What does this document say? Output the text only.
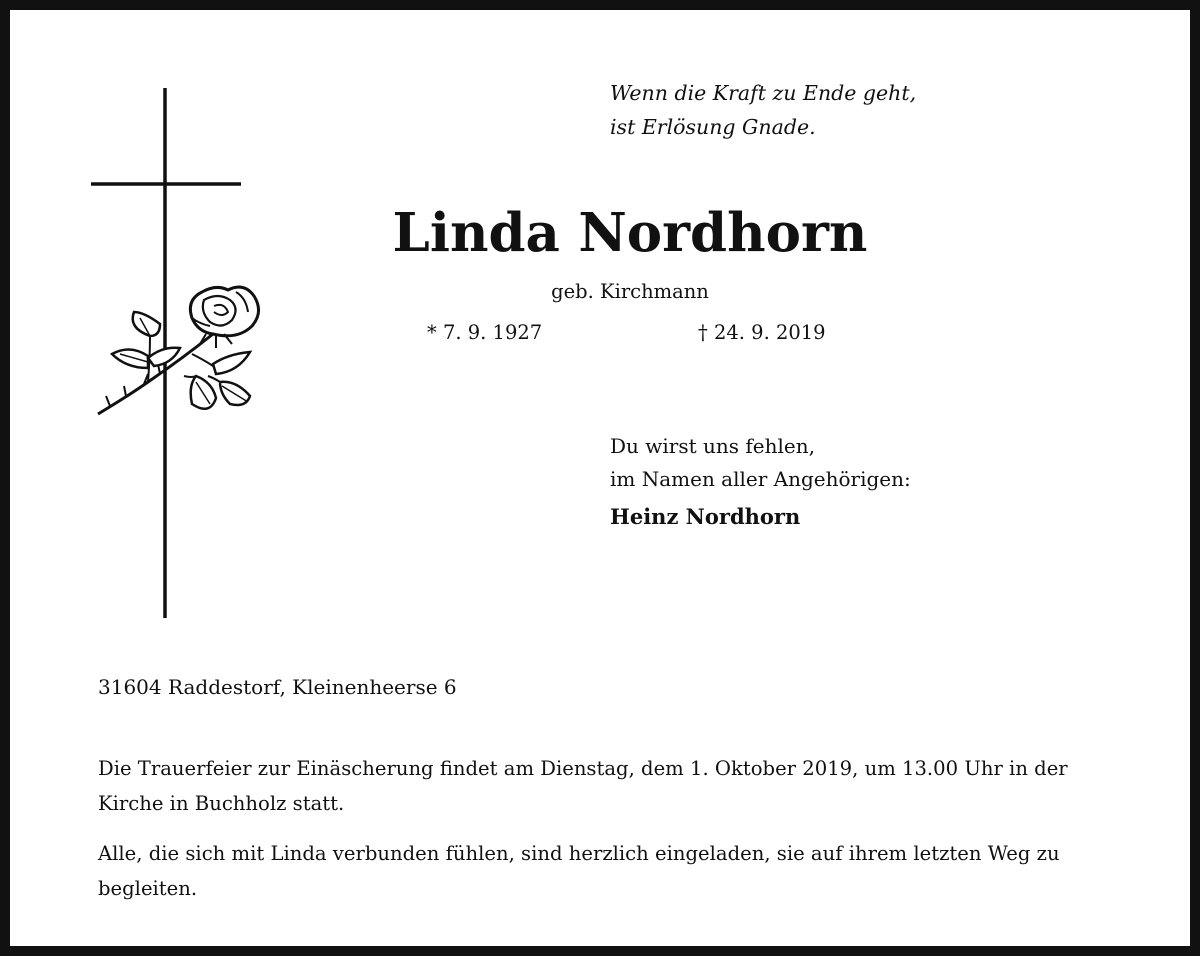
Wenn die Kraft zu Ende geht,
ist Erlösung Gnade.
Linda Nordhorn
geb. Kirchmann
* 7. 9. 1927	† 24. 9. 2019
Du wirst uns fehlen,
im Namen aller Angehörigen:
Heinz Nordhorn
31604 Raddestorf, Kleinenheerse 6
Die Trauerfeier zur Einäscherung findet am Dienstag, dem 1. Oktober 2019, um 13.00 Uhr in der Kirche in Buchholz statt.
Alle, die sich mit Linda verbunden fühlen, sind herzlich eingeladen, sie auf ihrem letzten Weg zu begleiten.
